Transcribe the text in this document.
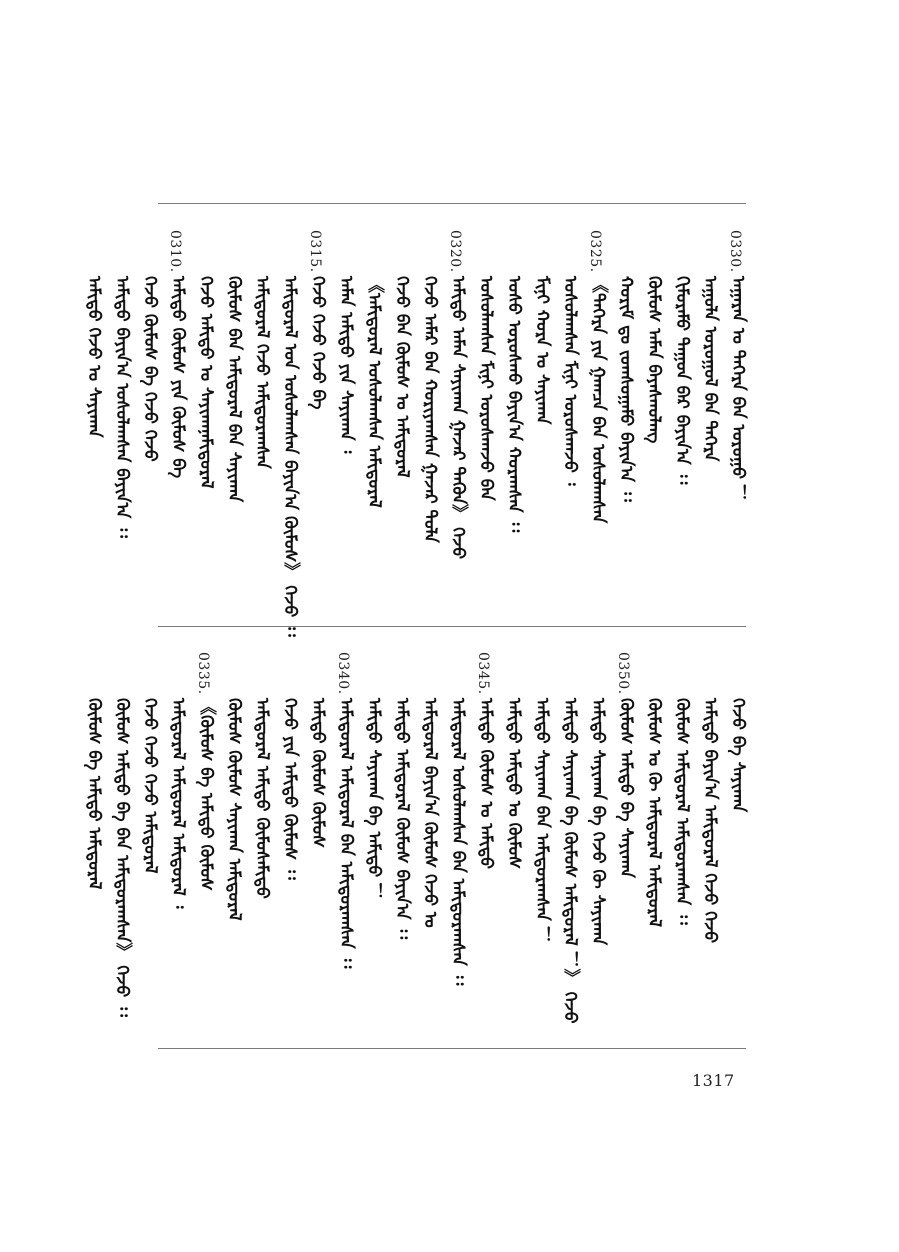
0330.
ᠠᠭᠠᠷᠠᠨ ᠤ ᠳᠡᠭᠡᠷᠡ ᠪᠠᠨ ᠣᠷᠣᠭᠤ ！
ᠠᠭᠤᠯᠠ ᠣᠷᠣᠭᠤᠯ ᠪᠠᠨ ᠳᠡᠭᠡᠷᠡ
ᠬᠢᠮᠤᠷᠠᠮᠤ ᠳᠠᠭᠤᠨ ᠪᠠᠷ ᠪᠠᠶᠢᠨ᠎ᠠ ᠄᠄
ᠬᠦᠮᠦᠰ ᠠᠮᠠᠨ ᠪᠠᠶᠠᠰᠬᠤᠯᠠᠩ
ᠬᠤᠷᠢᠮ ᠳᠤ ᠵᠣᠭᠰᠣᠭᠠᠮᠤ ᠪᠠᠶᠢᠨ᠎ᠠ ᠄᠄
0325.
《ᠳᠡᠭᠡᠷᠡ ᠶᠢᠨ ᠭᠠᠭᠴᠠ ᠪᠠᠨ ᠤᠰᠤᠯᠠᠭᠰᠠᠨ
ᠤᠰᠤᠯᠠᠭᠰᠠᠨ ᠮᠢᠨᠢ ᠤᠷᠤᠰᠬᠠᠵᠤ ᠄
ᠮᠢᠨᠢ ᠬᠤᠷᠠ ᠤ ᠰᠠᠶᠢᠬᠠᠨ
ᠤᠰᠤ ᠤᠷᠤᠰᠬᠤ ᠪᠠᠶᠢᠨ᠎ᠠ ᠬᠤᠷᠠᠭᠰᠠᠨ ᠄᠄
ᠤᠰᠤᠯᠠᠭᠰᠠᠨ ᠮᠢᠨᠢ ᠤᠷᠤᠰᠬᠠᠵᠤ ᠪᠠᠨ
0320.
ᠠᠮᠢᠳᠤ ᠠᠮᠠᠨ ᠰᠠᠶᠢᠬᠠᠨ ᠭᠠᠵᠠᠷ ᠲᠡᠭᠦᠨ》 ᠭᠡᠵᠦ
ᠭᠡᠵᠦ ᠠᠮᠠᠷ ᠪᠠᠨ ᠬᠤᠷᠢᠶᠠᠭᠰᠠᠨ ᠭᠠᠵᠠᠷ ᠲᠤᠯᠠ
ᠭᠡᠵᠦ ᠪᠠᠨ ᠬᠦᠮᠦᠰ ᠤ ᠠᠮᠢᠳᠤᠷᠠᠯ
《ᠠᠮᠢᠳᠤᠷᠠᠯ ᠤᠰᠤᠯᠠᠭᠰᠠᠨ ᠠᠮᠢᠳᠤᠷᠠᠯ
ᠠᠮᠠᠨ ᠠᠮᠢᠳᠤ ᠶᠢᠨ ᠰᠠᠶᠢᠬᠠᠨ ᠄
0315.
ᠭᠡᠵᠦ ᠭᠡᠵᠦ ᠭᠡᠵᠦ ᠪᠡ
ᠠᠮᠢᠳᠤᠷᠠᠯ ᠤᠨ ᠤᠰᠤᠯᠠᠭᠰᠠᠨ ᠪᠠᠶᠢᠨ᠎ᠠ ᠬᠦᠮᠦᠰ》 ᠭᠡᠵᠦ ᠄᠄
ᠠᠮᠢᠳᠤᠷᠠᠯ ᠭᠡᠵᠦ ᠠᠮᠢᠳᠤᠷᠠᠭᠰᠠᠨ
ᠬᠦᠮᠦᠰ ᠪᠠᠨ ᠠᠮᠢᠳᠤᠷᠠᠯ ᠪᠠᠨ ᠰᠠᠶᠢᠬᠠᠨ
ᠭᠡᠵᠦ ᠠᠮᠢᠳᠤ ᠤ ᠰᠠᠶᠢᠬᠠᠨᠠᠮᠢᠳᠤᠷᠠᠯ
0310.
ᠠᠮᠢᠳᠤ ᠬᠦᠮᠦᠰ ᠶᠢᠨ ᠬᠦᠮᠦᠰ ᠪᠡ
ᠭᠡᠵᠦ ᠬᠦᠮᠦᠰ ᠪᠡ ᠭᠡᠵᠦ ᠭᠡᠵᠦ
ᠠᠮᠢᠳᠤ ᠪᠠᠶᠢᠨ᠎ᠠ ᠤᠰᠤᠯᠠᠭᠰᠠᠨ ᠪᠠᠶᠢᠨ᠎ᠠ ᠄᠄
ᠠᠮᠢᠳᠤ ᠭᠡᠵᠦ ᠤ ᠰᠠᠶᠢᠬᠠᠨ
ᠭᠡᠵᠦ ᠪᠡ ᠰᠠᠶᠢᠬᠠᠨ
ᠠᠮᠢᠳᠤ ᠪᠠᠶᠢᠨ᠎ᠠ ᠠᠮᠢᠳᠤᠷᠠᠯ ᠭᠡᠵᠦ ᠭᠡᠵᠦ
ᠬᠦᠮᠦᠰ ᠠᠮᠢᠳᠤᠷᠠᠯ ᠠᠮᠢᠳᠤᠷᠠᠭᠰᠠᠨ ᠄᠄
ᠬᠦᠮᠦᠰ ᠤ ᠬᠦ ᠠᠮᠢᠳᠤᠷᠠᠯ ᠠᠮᠢᠳᠤᠷᠠᠯ
0350.
ᠬᠦᠮᠦᠰ ᠠᠮᠢᠳᠤ ᠪᠡ ᠰᠠᠶᠢᠬᠠᠨ
ᠠᠮᠢᠳᠤ ᠰᠠᠶᠢᠬᠠᠨ ᠪᠡ ᠭᠡᠵᠦ ᠬᠦ ᠰᠠᠶᠢᠬᠠᠨ
ᠠᠮᠢᠳᠤ ᠰᠠᠶᠢᠬᠠᠨ ᠪᠡ ᠬᠦᠮᠦᠰ ᠠᠮᠢᠳᠤᠷᠠᠯ ！》 ᠭᠡᠵᠦ
ᠠᠮᠢᠳᠤ ᠰᠠᠶᠢᠬᠠᠨ ᠪᠠᠨ ᠠᠮᠢᠳᠤᠷᠠᠭᠰᠠᠨ ！
ᠠᠮᠢᠳᠤ ᠠᠮᠢᠳᠤ ᠤ ᠬᠦᠮᠦᠰ
0345.
ᠠᠮᠢᠳᠤ ᠬᠦᠮᠦᠰ ᠤ ᠠᠮᠢᠳᠤ
ᠠᠮᠢᠳᠤᠷᠠᠯ ᠤᠰᠤᠯᠠᠭᠰᠠᠨ ᠪᠠᠨ ᠠᠮᠢᠳᠤᠷᠠᠭᠰᠠᠨ ᠄᠄
ᠠᠮᠢᠳᠤᠷᠠᠯ ᠪᠠᠶᠢᠨ᠎ᠠ ᠬᠦᠮᠦᠰ ᠭᠡᠵᠦ ᠤ
ᠠᠮᠢᠳᠤ ᠠᠮᠢᠳᠤᠷᠠᠯ ᠬᠦᠮᠦᠰ ᠪᠠᠶᠢᠨ᠎ᠠ ᠄᠄
ᠠᠮᠢᠳᠤ ᠰᠠᠶᠢᠬᠠᠨ ᠪᠡ ᠠᠮᠢᠳᠤ ！
0340.
ᠠᠮᠢᠳᠤᠷᠠᠯ ᠠᠮᠢᠳᠤᠷᠠᠯ ᠪᠠᠨ ᠠᠮᠢᠳᠤᠷᠠᠭᠰᠠᠨ ᠄᠄
ᠠᠮᠢᠳᠤ ᠬᠦᠮᠦᠰ ᠬᠦᠮᠦᠰ
ᠭᠡᠵᠦ ᠶᠢᠨ ᠠᠮᠢᠳᠤ ᠬᠦᠮᠦᠰ ᠄᠄
ᠠᠮᠢᠳᠤᠷᠠᠯ ᠠᠮᠢᠳᠤ ᠬᠦᠮᠦᠰᠠᠮᠢᠳᠤ
ᠬᠦᠮᠦᠰ ᠬᠦᠮᠦᠰ ᠰᠠᠶᠢᠬᠠᠨ ᠠᠮᠢᠳᠤᠷᠠᠯ
0335.
《ᠬᠦᠮᠦᠰ ᠪᠡ ᠠᠮᠢᠳᠤ ᠬᠦᠮᠦᠰ
ᠠᠮᠢᠳᠤᠷᠠᠯ ᠠᠮᠢᠳᠤᠷᠠᠯ ᠠᠮᠢᠳᠤᠷᠠᠯ ᠄
ᠭᠡᠵᠦ ᠭᠡᠵᠦ ᠭᠡᠵᠦ ᠠᠮᠢᠳᠤᠷᠠᠯ
ᠬᠦᠮᠦᠰ ᠠᠮᠢᠳᠤ ᠪᠡ ᠪᠠᠨ ᠠᠮᠢᠳᠤᠷᠠᠭᠰᠠᠨ》 ᠭᠡᠵᠦ ᠄᠄
ᠬᠦᠮᠦᠰ ᠪᠡ ᠠᠮᠢᠳᠤ ᠠᠮᠢᠳᠤᠷᠠᠯ
1317
